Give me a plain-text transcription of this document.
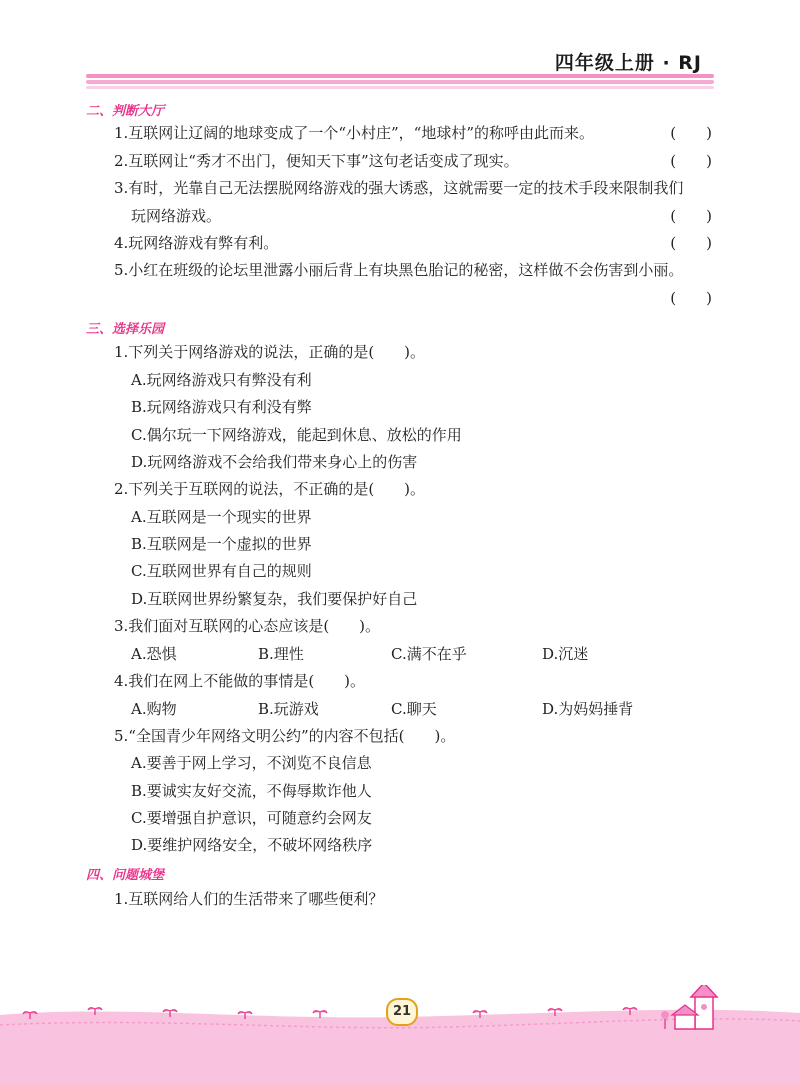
四年级上册 · RJ
二、判断大厅
1.互联网让辽阔的地球变成了一个“小村庄”，“地球村”的称呼由此而来。	(　　)
2.互联网让“秀才不出门，便知天下事”这句老话变成了现实。	(　　)
3.有时，光靠自己无法摆脱网络游戏的强大诱惑，这就需要一定的技术手段来限制我们
玩网络游戏。	(　　)
4.玩网络游戏有弊有利。	(　　)
5.小红在班级的论坛里泄露小丽后背上有块黑色胎记的秘密，这样做不会伤害到小丽。
(　　)
三、选择乐园
1.下列关于网络游戏的说法，正确的是(　　)。
A.玩网络游戏只有弊没有利
B.玩网络游戏只有利没有弊
C.偶尔玩一下网络游戏，能起到休息、放松的作用
D.玩网络游戏不会给我们带来身心上的伤害
2.下列关于互联网的说法，不正确的是(　　)。
A.互联网是一个现实的世界
B.互联网是一个虚拟的世界
C.互联网世界有自己的规则
D.互联网世界纷繁复杂，我们要保护好自己
3.我们面对互联网的心态应该是(　　)。
A.恐惧	B.理性	C.满不在乎	D.沉迷
4.我们在网上不能做的事情是(　　)。
A.购物	B.玩游戏	C.聊天	D.为妈妈捶背
5.“全国青少年网络文明公约”的内容不包括(　　)。
A.要善于网上学习，不浏览不良信息
B.要诚实友好交流，不侮辱欺诈他人
C.要增强自护意识，可随意约会网友
D.要维护网络安全，不破坏网络秩序
四、问题城堡
1.互联网给人们的生活带来了哪些便利？
21
